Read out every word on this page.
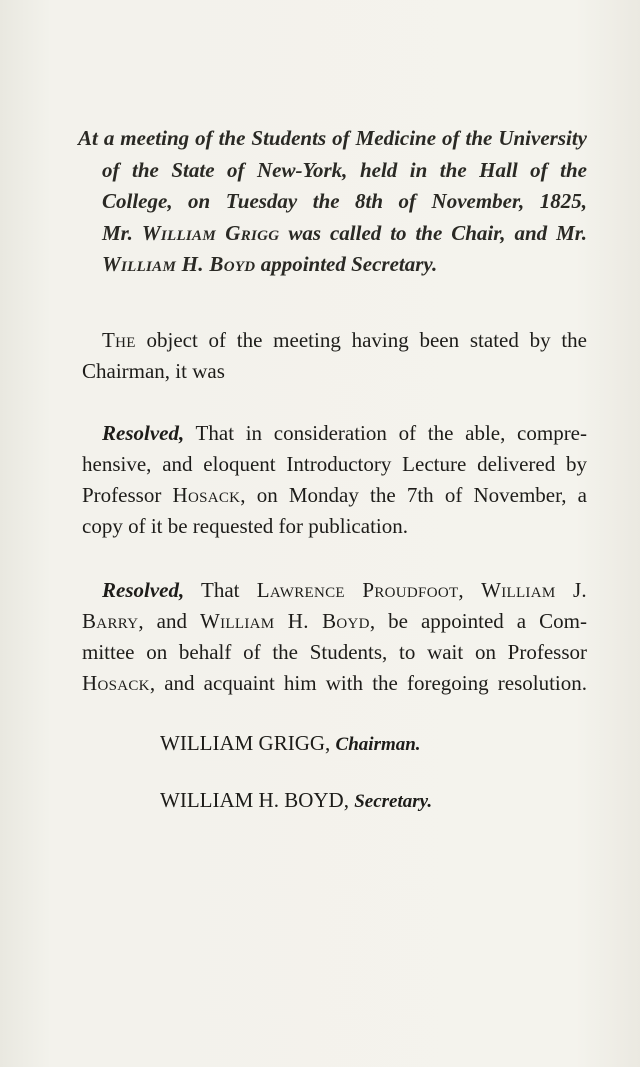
At a meeting of the Students of Medicine of the University
of the State of New-York, held in the Hall of the
College, on Tuesday the 8th of November, 1825,
Mr. William Grigg was called to the Chair, and Mr.
William H. Boyd appointed Secretary.
The object of the meeting having been stated by the
Chairman, it was
Resolved, That in consideration of the able, compre-
hensive, and eloquent Introductory Lecture delivered by
Professor Hosack, on Monday the 7th of November, a
copy of it be requested for publication.
Resolved, That Lawrence Proudfoot, William J.
Barry, and William H. Boyd, be appointed a Com-
mittee on behalf of the Students, to wait on Professor
Hosack, and acquaint him with the foregoing resolution.
WILLIAM GRIGG, Chairman.
WILLIAM H. BOYD, Secretary.
